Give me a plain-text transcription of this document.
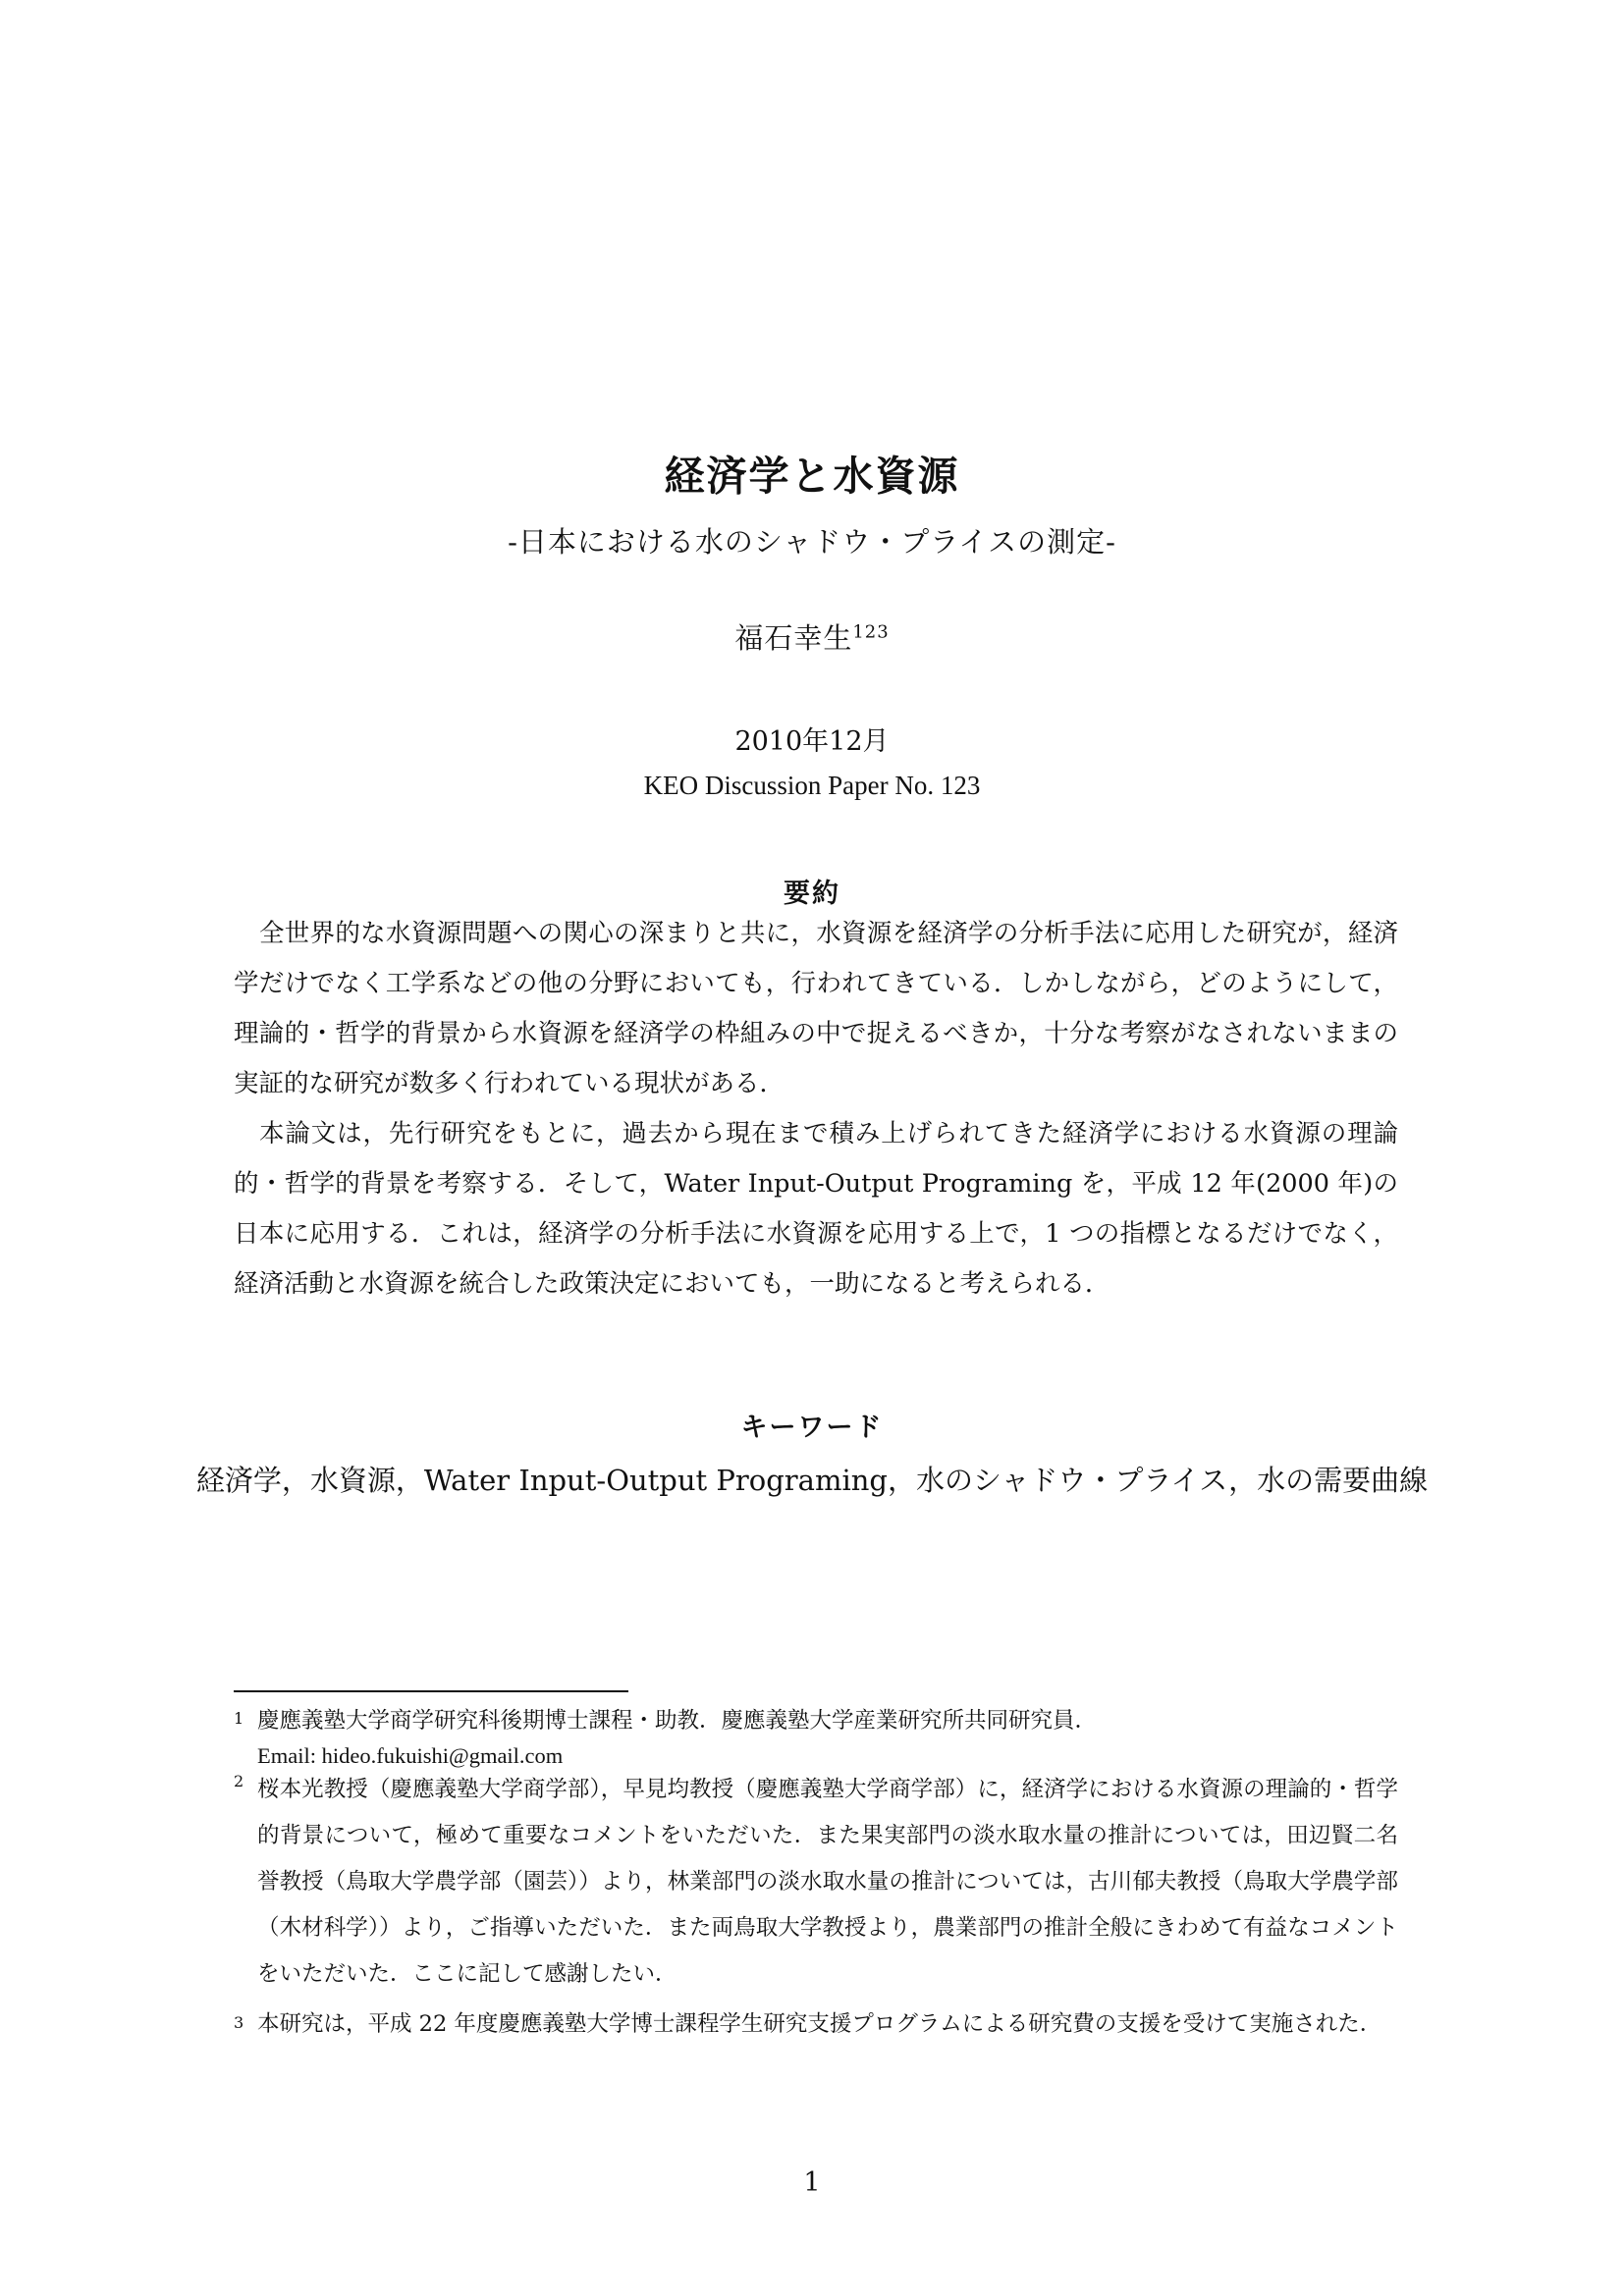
経済学と水資源
-日本における水のシャドウ・プライスの測定-
福石幸生$^{123}$
2010年12月
KEO Discussion Paper No. 123
要約

全世界的な水資源問題への関心の深まりと共に，水資源を経済学の分析手法に応用した研究が，経済学だけでなく工学系などの他の分野においても，行われてきている．しかしながら，どのようにして，理論的・哲学的背景から水資源を経済学の枠組みの中で捉えるべきか，十分な考察がなされないままの実証的な研究が数多く行われている現状がある．

本論文は，先行研究をもとに，過去から現在まで積み上げられてきた経済学における水資源の理論的・哲学的背景を考察する．そして，Water Input-Output Programing を，平成 12 年(2000 年)の日本に応用する．これは，経済学の分析手法に水資源を応用する上で，1 つの指標となるだけでなく，経済活動と水資源を統合した政策決定においても，一助になると考えられる．

キーワード
経済学，水資源，Water Input-Output Programing，水のシャドウ・プライス，水の需要曲線
1 慶應義塾大学商学研究科後期博士課程・助教．慶應義塾大学産業研究所共同研究員．
Email: hideo.fukuishi@gmail.com
2 桜本光教授（慶應義塾大学商学部），早見均教授（慶應義塾大学商学部）に，経済学における水資源の理論的・哲学的背景について，極めて重要なコメントをいただいた．また果実部門の淡水取水量の推計については，田辺賢二名誉教授（鳥取大学農学部（園芸））より，林業部門の淡水取水量の推計については，古川郁夫教授（鳥取大学農学部（木材科学））より，ご指導いただいた．また両鳥取大学教授より，農業部門の推計全般にきわめて有益なコメントをいただいた．ここに記して感謝したい．
3 本研究は，平成 22 年度慶應義塾大学博士課程学生研究支援プログラムによる研究費の支援を受けて実施された．
1
